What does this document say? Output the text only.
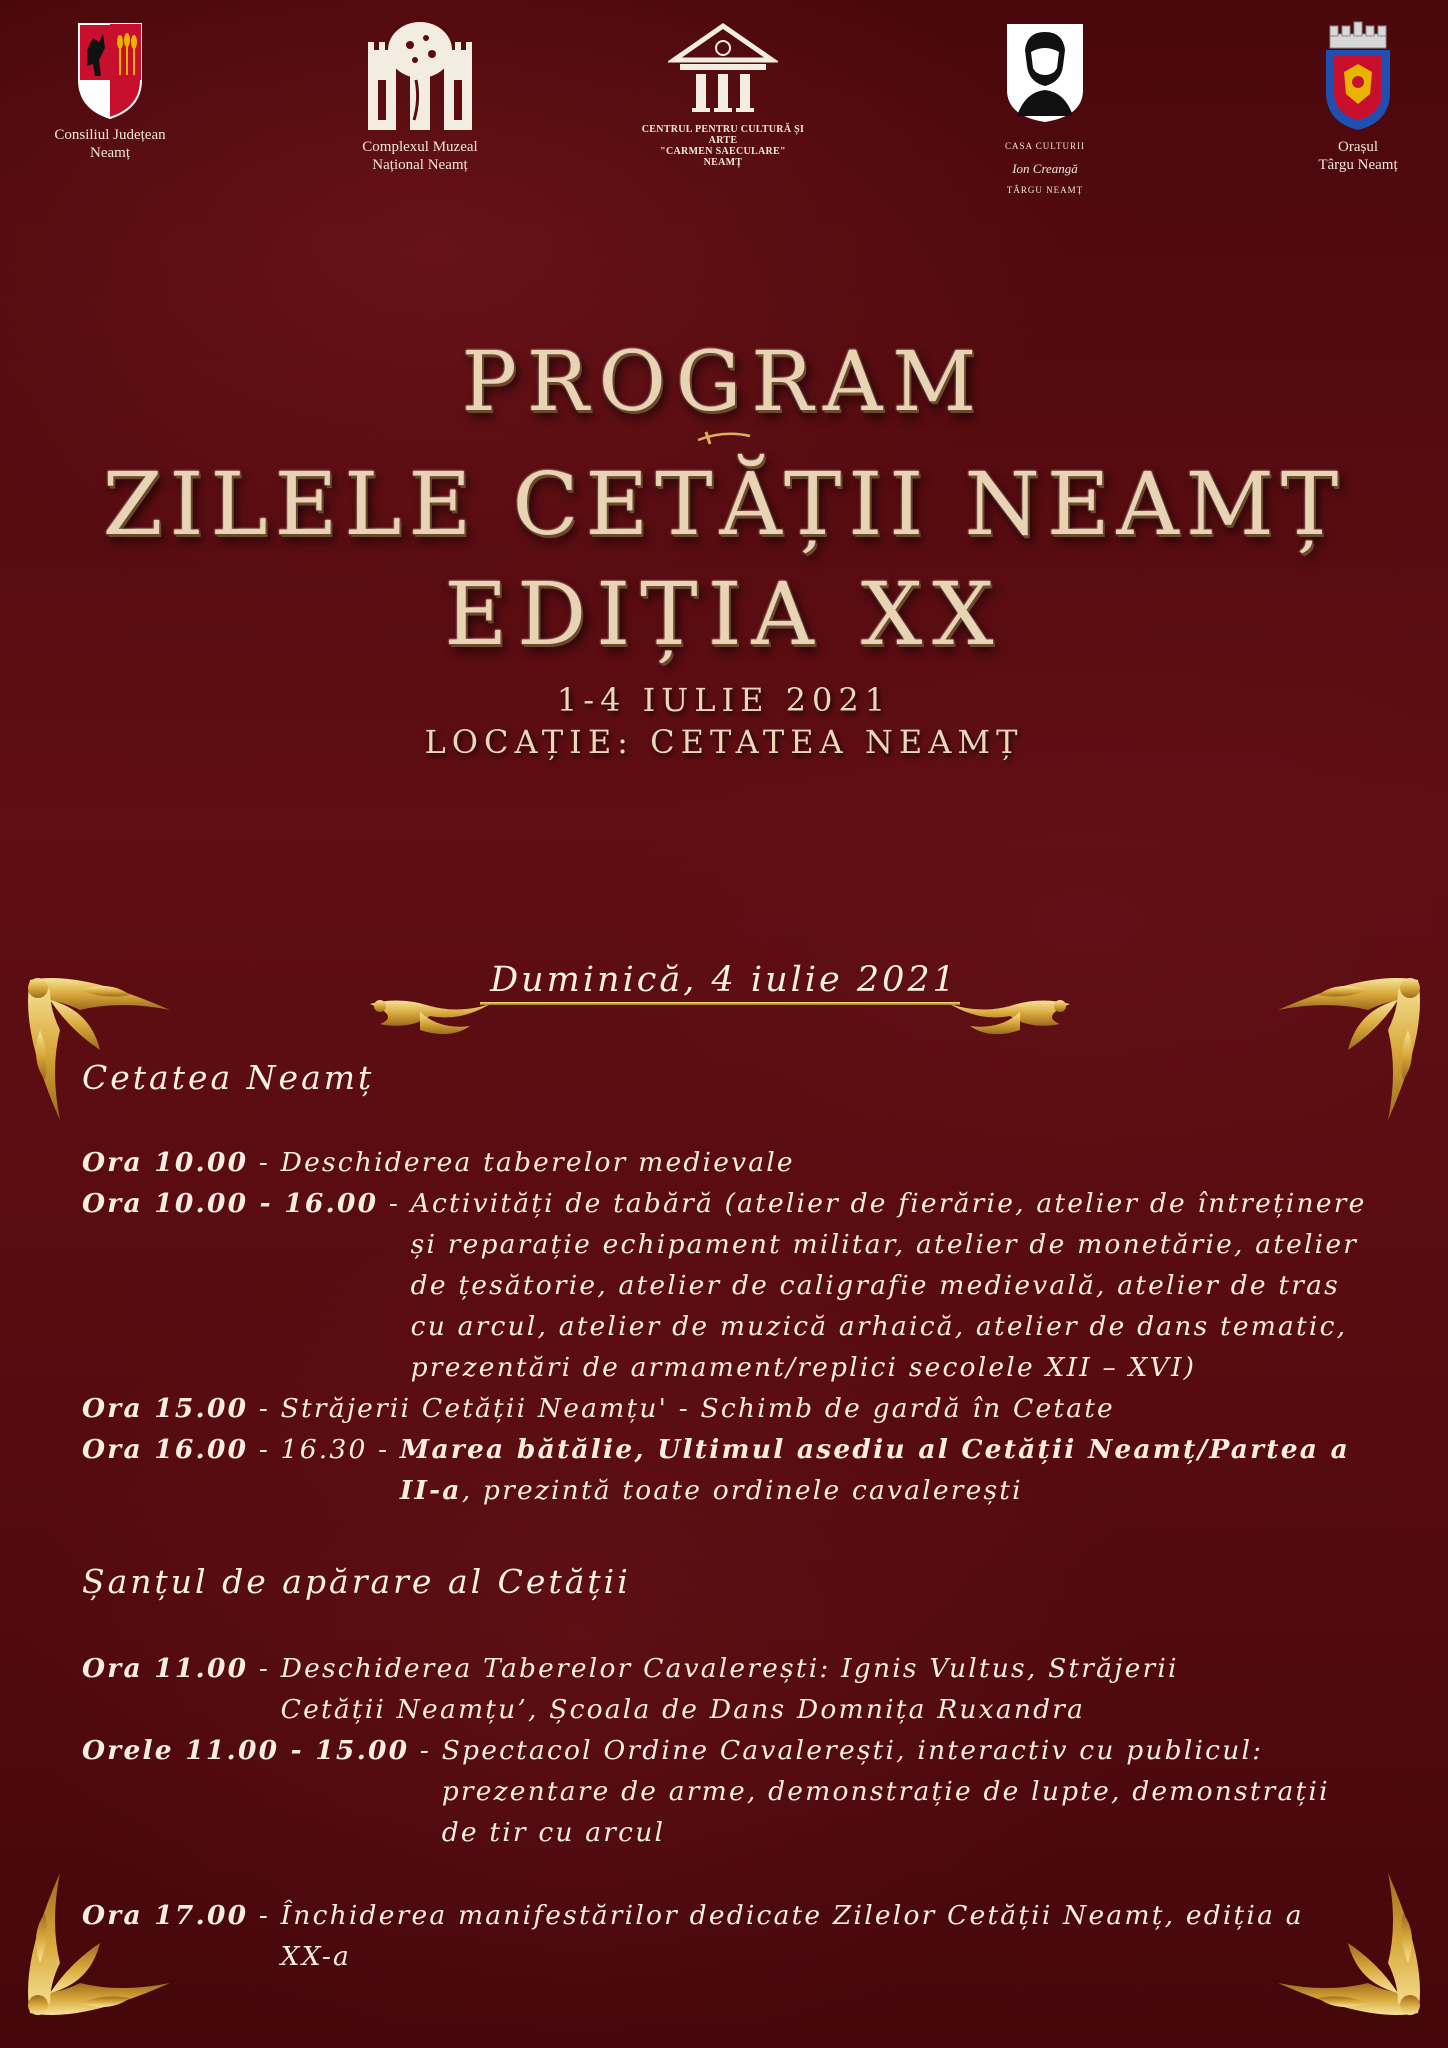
Consiliul Județean
Neamț	Complexul Muzeal
Național Neamț
CENTRUL PENTRU CULTURĂ ȘI ARTE
"CARMEN SAECULARE"
NEAMȚ

CASA CULTURII

Ion Creangă

TÂRGU NEAMȚ

Orașul
Târgu Neamț
PROGRAM
ZILELE CETĂȚII NEAMȚ
EDIȚIA XX
1-4 IULIE 2021
LOCAȚIE: CETATEA NEAMȚ
Duminică, 4 iulie 2021
Cetatea Neamț
Ora 10.00 - Deschiderea taberelor medievale
Ora 10.00 - 16.00 - Activități de tabără (atelier de fierărie, atelier de întreținere și reparație echipament militar, atelier de monetărie, atelier de țesătorie, atelier de caligrafie medievală, atelier de tras cu arcul, atelier de muzică arhaică, atelier de dans tematic, prezentări de armament/replici secolele XII – XVI)
Ora 15.00 - Străjerii Cetății Neamțu' - Schimb de gardă în Cetate
Ora 16.00 - 16.30 - Marea bătălie, Ultimul asediu al Cetății Neamț/Partea a II-a, prezintă toate ordinele cavalerești
Șanțul de apărare al Cetății
Ora 11.00 - Deschiderea Taberelor Cavalerești: Ignis Vultus, Străjerii Cetății Neamțu’, Școala de Dans Domnița Ruxandra
Orele 11.00 - 15.00 - Spectacol Ordine Cavalerești, interactiv cu publicul: prezentare de arme, demonstrație de lupte, demonstrații de tir cu arcul
Ora 17.00 - Închiderea manifestărilor dedicate Zilelor Cetății Neamț, ediția a XX-a
